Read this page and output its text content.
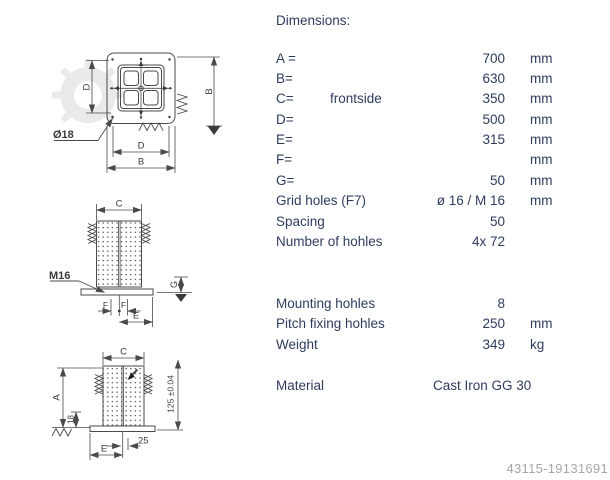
D
B
D
B
Ø18
C
M16
G
F F
E
C
A
18
125 ±0.04
25
E
Dimensions:
A =	700 mm
B=	630 mm
C=	frontside	350 mm
D=	500 mm
E=	315 mm
F=	mm
G=	50 mm
Grid holes (F7)	ø 16 / M 16 mm
Spacing	50
Number of hohles	4x 72
Mounting hohles	8
Pitch fixing hohles	250 mm
Weight	349 kg
Material	Cast Iron GG 30
43115-19131691
